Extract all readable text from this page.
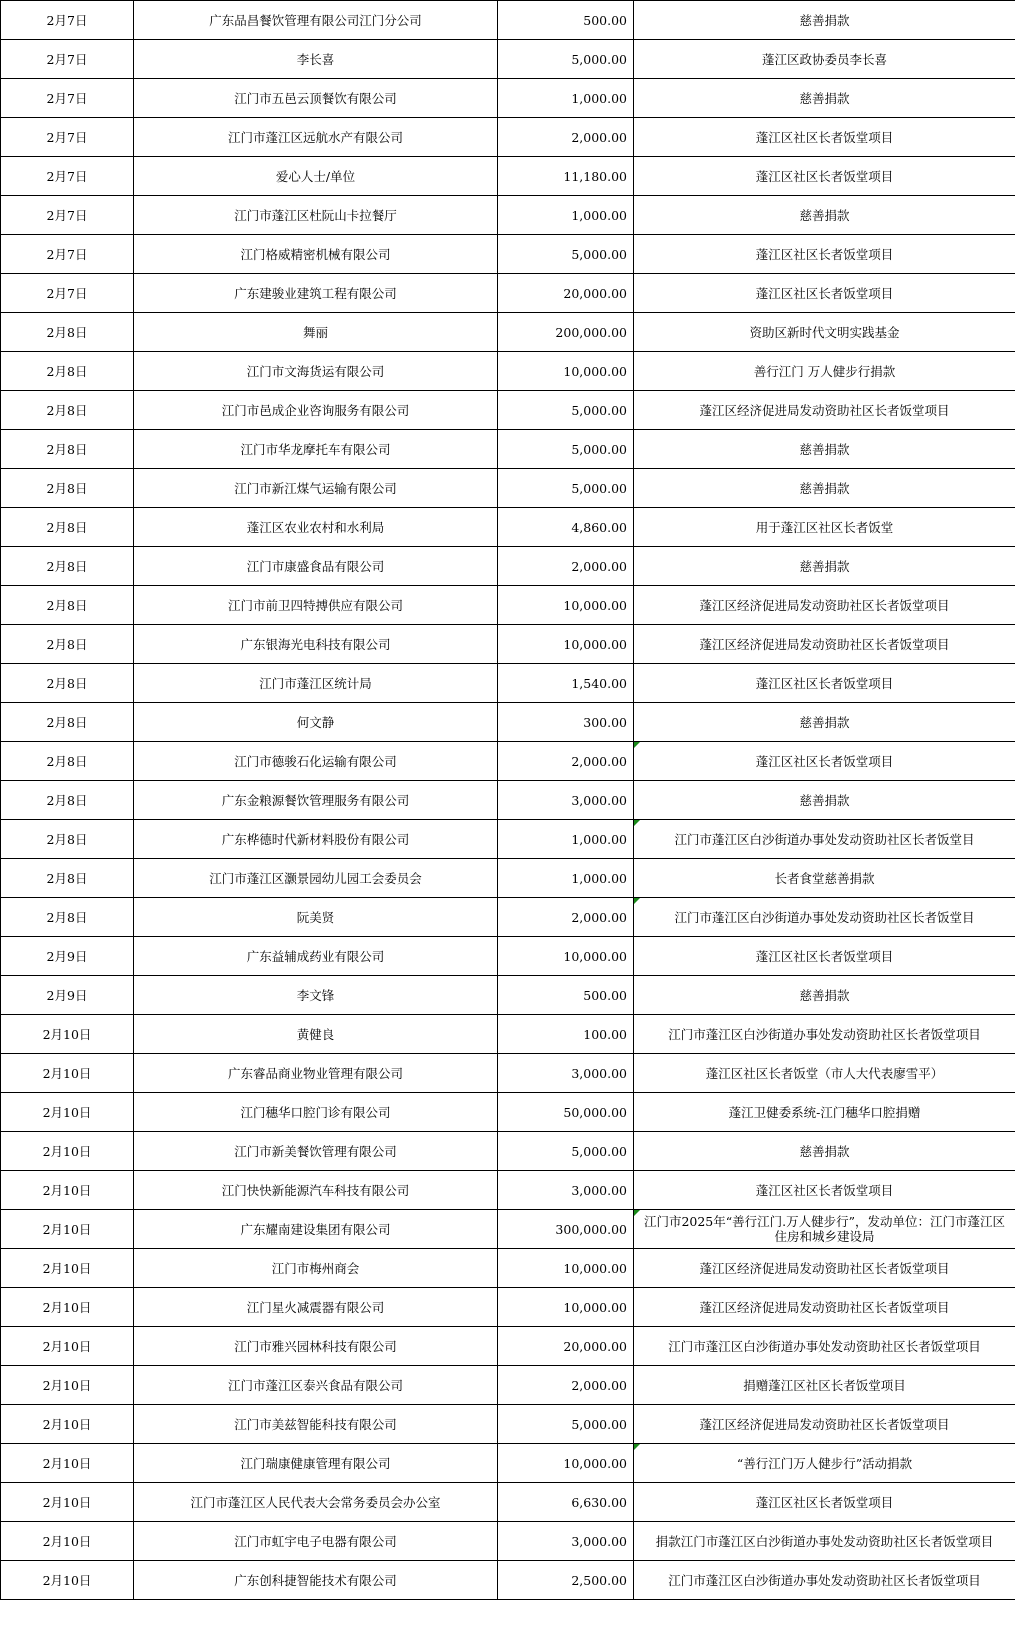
2月7日	广东品昌餐饮管理有限公司江门分公司	500.00	慈善捐款
2月7日	李长喜	5,000.00	蓬江区政协委员李长喜
2月7日	江门市五邑云顶餐饮有限公司	1,000.00	慈善捐款
2月7日	江门市蓬江区远航水产有限公司	2,000.00	蓬江区社区长者饭堂项目
2月7日	爱心人士/单位	11,180.00	蓬江区社区长者饭堂项目
2月7日	江门市蓬江区杜阮山卡拉餐厅	1,000.00	慈善捐款
2月7日	江门格威精密机械有限公司	5,000.00	蓬江区社区长者饭堂项目
2月7日	广东建骏业建筑工程有限公司	20,000.00	蓬江区社区长者饭堂项目
2月8日	舞丽	200,000.00	资助区新时代文明实践基金
2月8日	江门市文海货运有限公司	10,000.00	善行江门 万人健步行捐款
2月8日	江门市邑成企业咨询服务有限公司	5,000.00	蓬江区经济促进局发动资助社区长者饭堂项目
2月8日	江门市华龙摩托车有限公司	5,000.00	慈善捐款
2月8日	江门市新江煤气运输有限公司	5,000.00	慈善捐款
2月8日	蓬江区农业农村和水利局	4,860.00	用于蓬江区社区长者饭堂
2月8日	江门市康盛食品有限公司	2,000.00	慈善捐款
2月8日	江门市前卫四特搏供应有限公司	10,000.00	蓬江区经济促进局发动资助社区长者饭堂项目
2月8日	广东银海光电科技有限公司	10,000.00	蓬江区经济促进局发动资助社区长者饭堂项目
2月8日	江门市蓬江区统计局	1,540.00	蓬江区社区长者饭堂项目
2月8日	何文静	300.00	慈善捐款
2月8日	江门市德骏石化运输有限公司	2,000.00	蓬江区社区长者饭堂项目
2月8日	广东金粮源餐饮管理服务有限公司	3,000.00	慈善捐款
2月8日	广东桦德时代新材料股份有限公司	1,000.00	江门市蓬江区白沙街道办事处发动资助社区长者饭堂目
2月8日	江门市蓬江区灏景园幼儿园工会委员会	1,000.00	长者食堂慈善捐款
2月8日	阮美贤	2,000.00	江门市蓬江区白沙街道办事处发动资助社区长者饭堂目
2月9日	广东益辅成药业有限公司	10,000.00	蓬江区社区长者饭堂项目
2月9日	李文锋	500.00	慈善捐款
2月10日	黄健良	100.00	江门市蓬江区白沙街道办事处发动资助社区长者饭堂项目
2月10日	广东睿品商业物业管理有限公司	3,000.00	蓬江区社区长者饭堂（市人大代表廖雪平）
2月10日	江门穗华口腔门诊有限公司	50,000.00	蓬江卫健委系统-江门穗华口腔捐赠
2月10日	江门市新美餐饮管理有限公司	5,000.00	慈善捐款
2月10日	江门快快新能源汽车科技有限公司	3,000.00	蓬江区社区长者饭堂项目
2月10日	广东耀南建设集团有限公司	300,000.00	江门市2025年“善行江门.万人健步行”，发动单位：江门市蓬江区住房和城乡建设局
2月10日	江门市梅州商会	10,000.00	蓬江区经济促进局发动资助社区长者饭堂项目
2月10日	江门星火减震器有限公司	10,000.00	蓬江区经济促进局发动资助社区长者饭堂项目
2月10日	江门市雅兴园林科技有限公司	20,000.00	江门市蓬江区白沙街道办事处发动资助社区长者饭堂项目
2月10日	江门市蓬江区泰兴食品有限公司	2,000.00	捐赠蓬江区社区长者饭堂项目
2月10日	江门市美兹智能科技有限公司	5,000.00	蓬江区经济促进局发动资助社区长者饭堂项目
2月10日	江门瑞康健康管理有限公司	10,000.00	“善行江门万人健步行”活动捐款
2月10日	江门市蓬江区人民代表大会常务委员会办公室	6,630.00	蓬江区社区长者饭堂项目
2月10日	江门市虹宇电子电器有限公司	3,000.00	捐款江门市蓬江区白沙街道办事处发动资助社区长者饭堂项目
2月10日	广东创科捷智能技术有限公司	2,500.00	江门市蓬江区白沙街道办事处发动资助社区长者饭堂项目
